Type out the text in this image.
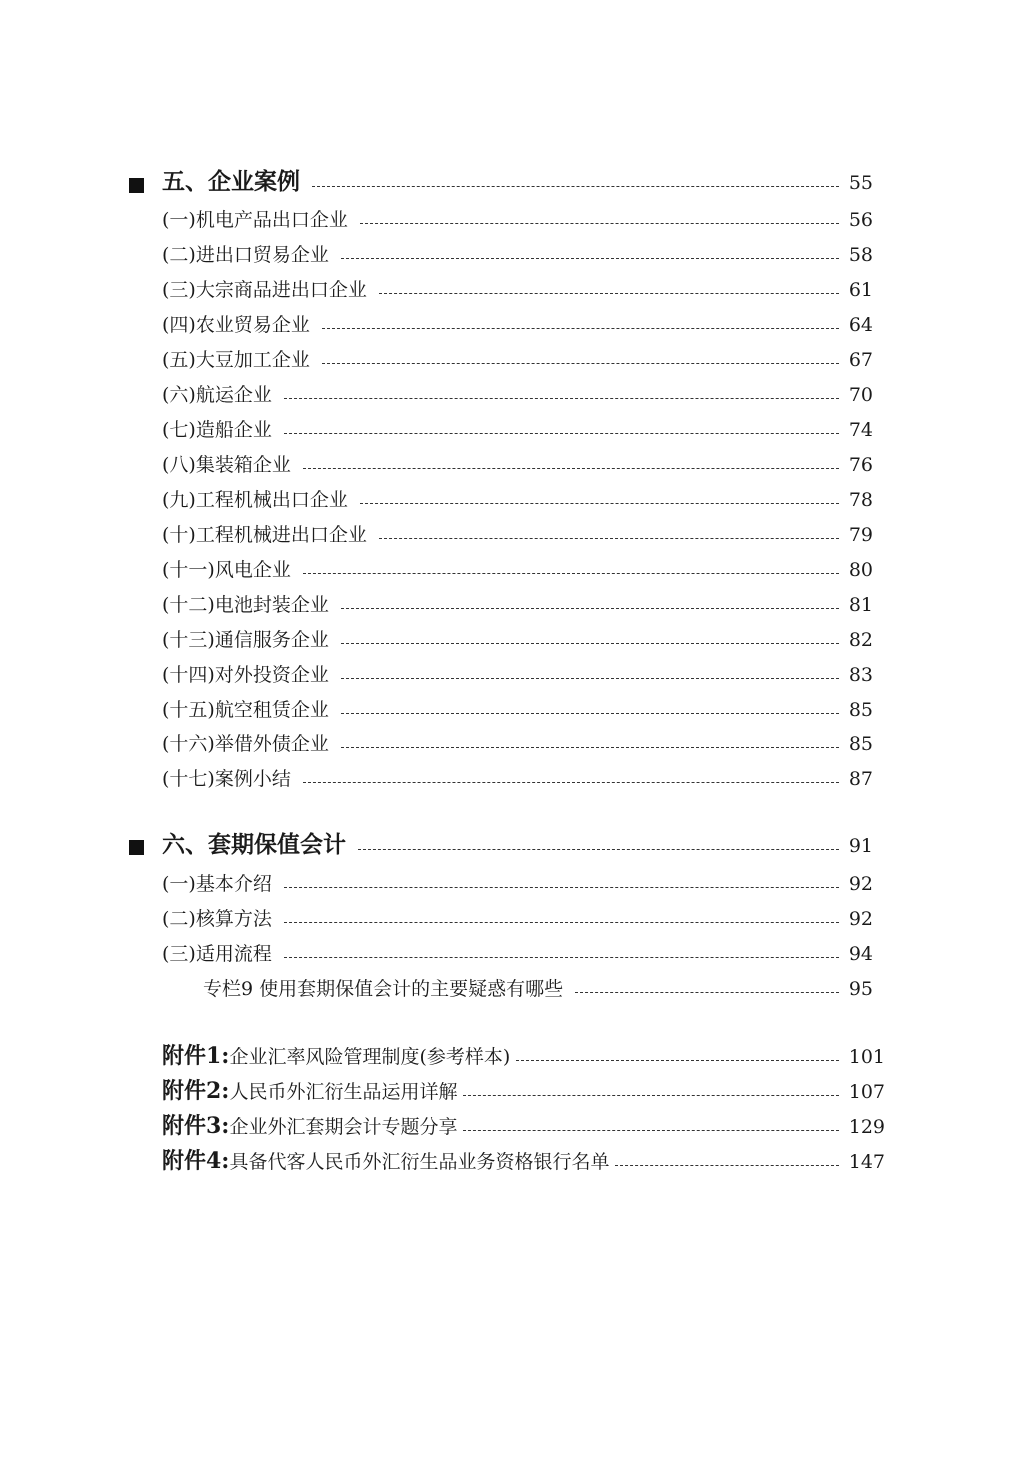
五、企业案例	55
(一)机电产品出口企业	56
(二)进出口贸易企业	58
(三)大宗商品进出口企业	61
(四)农业贸易企业	64
(五)大豆加工企业	67
(六)航运企业	70
(七)造船企业	74
(八)集装箱企业	76
(九)工程机械出口企业	78
(十)工程机械进出口企业	79
(十一)风电企业	80
(十二)电池封装企业	81
(十三)通信服务企业	82
(十四)对外投资企业	83
(十五)航空租赁企业	85
(十六)举借外债企业	85
(十七)案例小结	87
六、套期保值会计	91
(一)基本介绍	92
(二)核算方法	92
(三)适用流程	94
专栏9 使用套期保值会计的主要疑惑有哪些	95
附件1:企业汇率风险管理制度(参考样本)	101
附件2:人民币外汇衍生品运用详解	107
附件3:企业外汇套期会计专题分享	129
附件4:具备代客人民币外汇衍生品业务资格银行名单	147
